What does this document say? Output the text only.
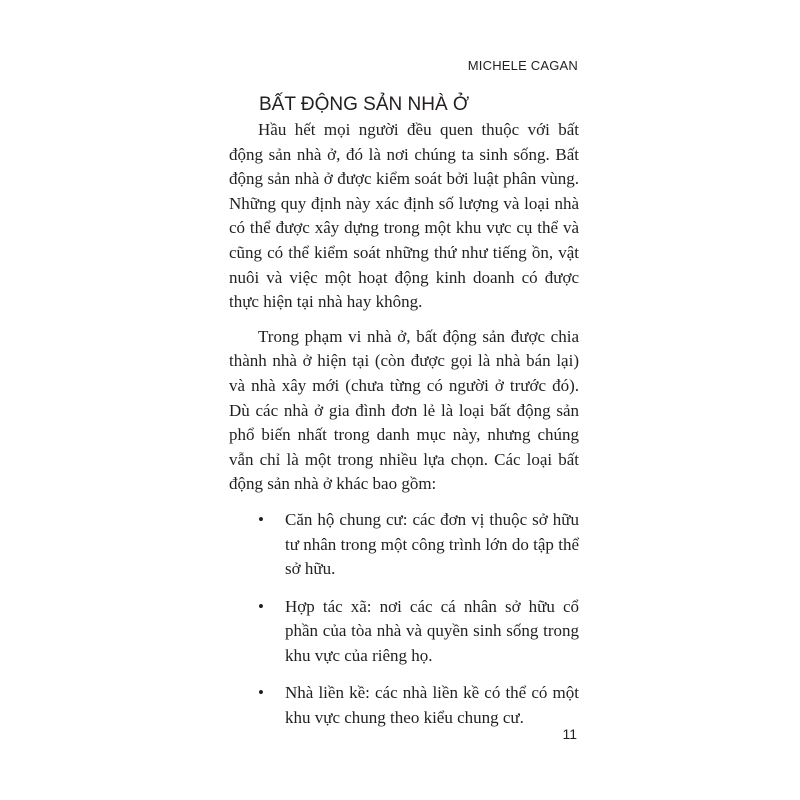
MICHELE CAGAN
BẤT ĐỘNG SẢN NHÀ Ở

Hầu hết mọi người đều quen thuộc với bất động sản nhà ở, đó là nơi chúng ta sinh sống. Bất động sản nhà ở được kiểm soát bởi luật phân vùng. Những quy định này xác định số lượng và loại nhà có thể được xây dựng trong một khu vực cụ thể và cũng có thể kiểm soát những thứ như tiếng ồn, vật nuôi và việc một hoạt động kinh doanh có được thực hiện tại nhà hay không.

Trong phạm vi nhà ở, bất động sản được chia thành nhà ở hiện tại (còn được gọi là nhà bán lại) và nhà xây mới (chưa từng có người ở trước đó). Dù các nhà ở gia đình đơn lẻ là loại bất động sản phổ biến nhất trong danh mục này, nhưng chúng vẫn chỉ là một trong nhiều lựa chọn. Các loại bất động sản nhà ở khác bao gồm:

• Căn hộ chung cư: các đơn vị thuộc sở hữu tư nhân trong một công trình lớn do tập thể sở hữu.
• Hợp tác xã: nơi các cá nhân sở hữu cổ phần của tòa nhà và quyền sinh sống trong khu vực của riêng họ.
• Nhà liền kề: các nhà liền kề có thể có một khu vực chung theo kiểu chung cư.
11
